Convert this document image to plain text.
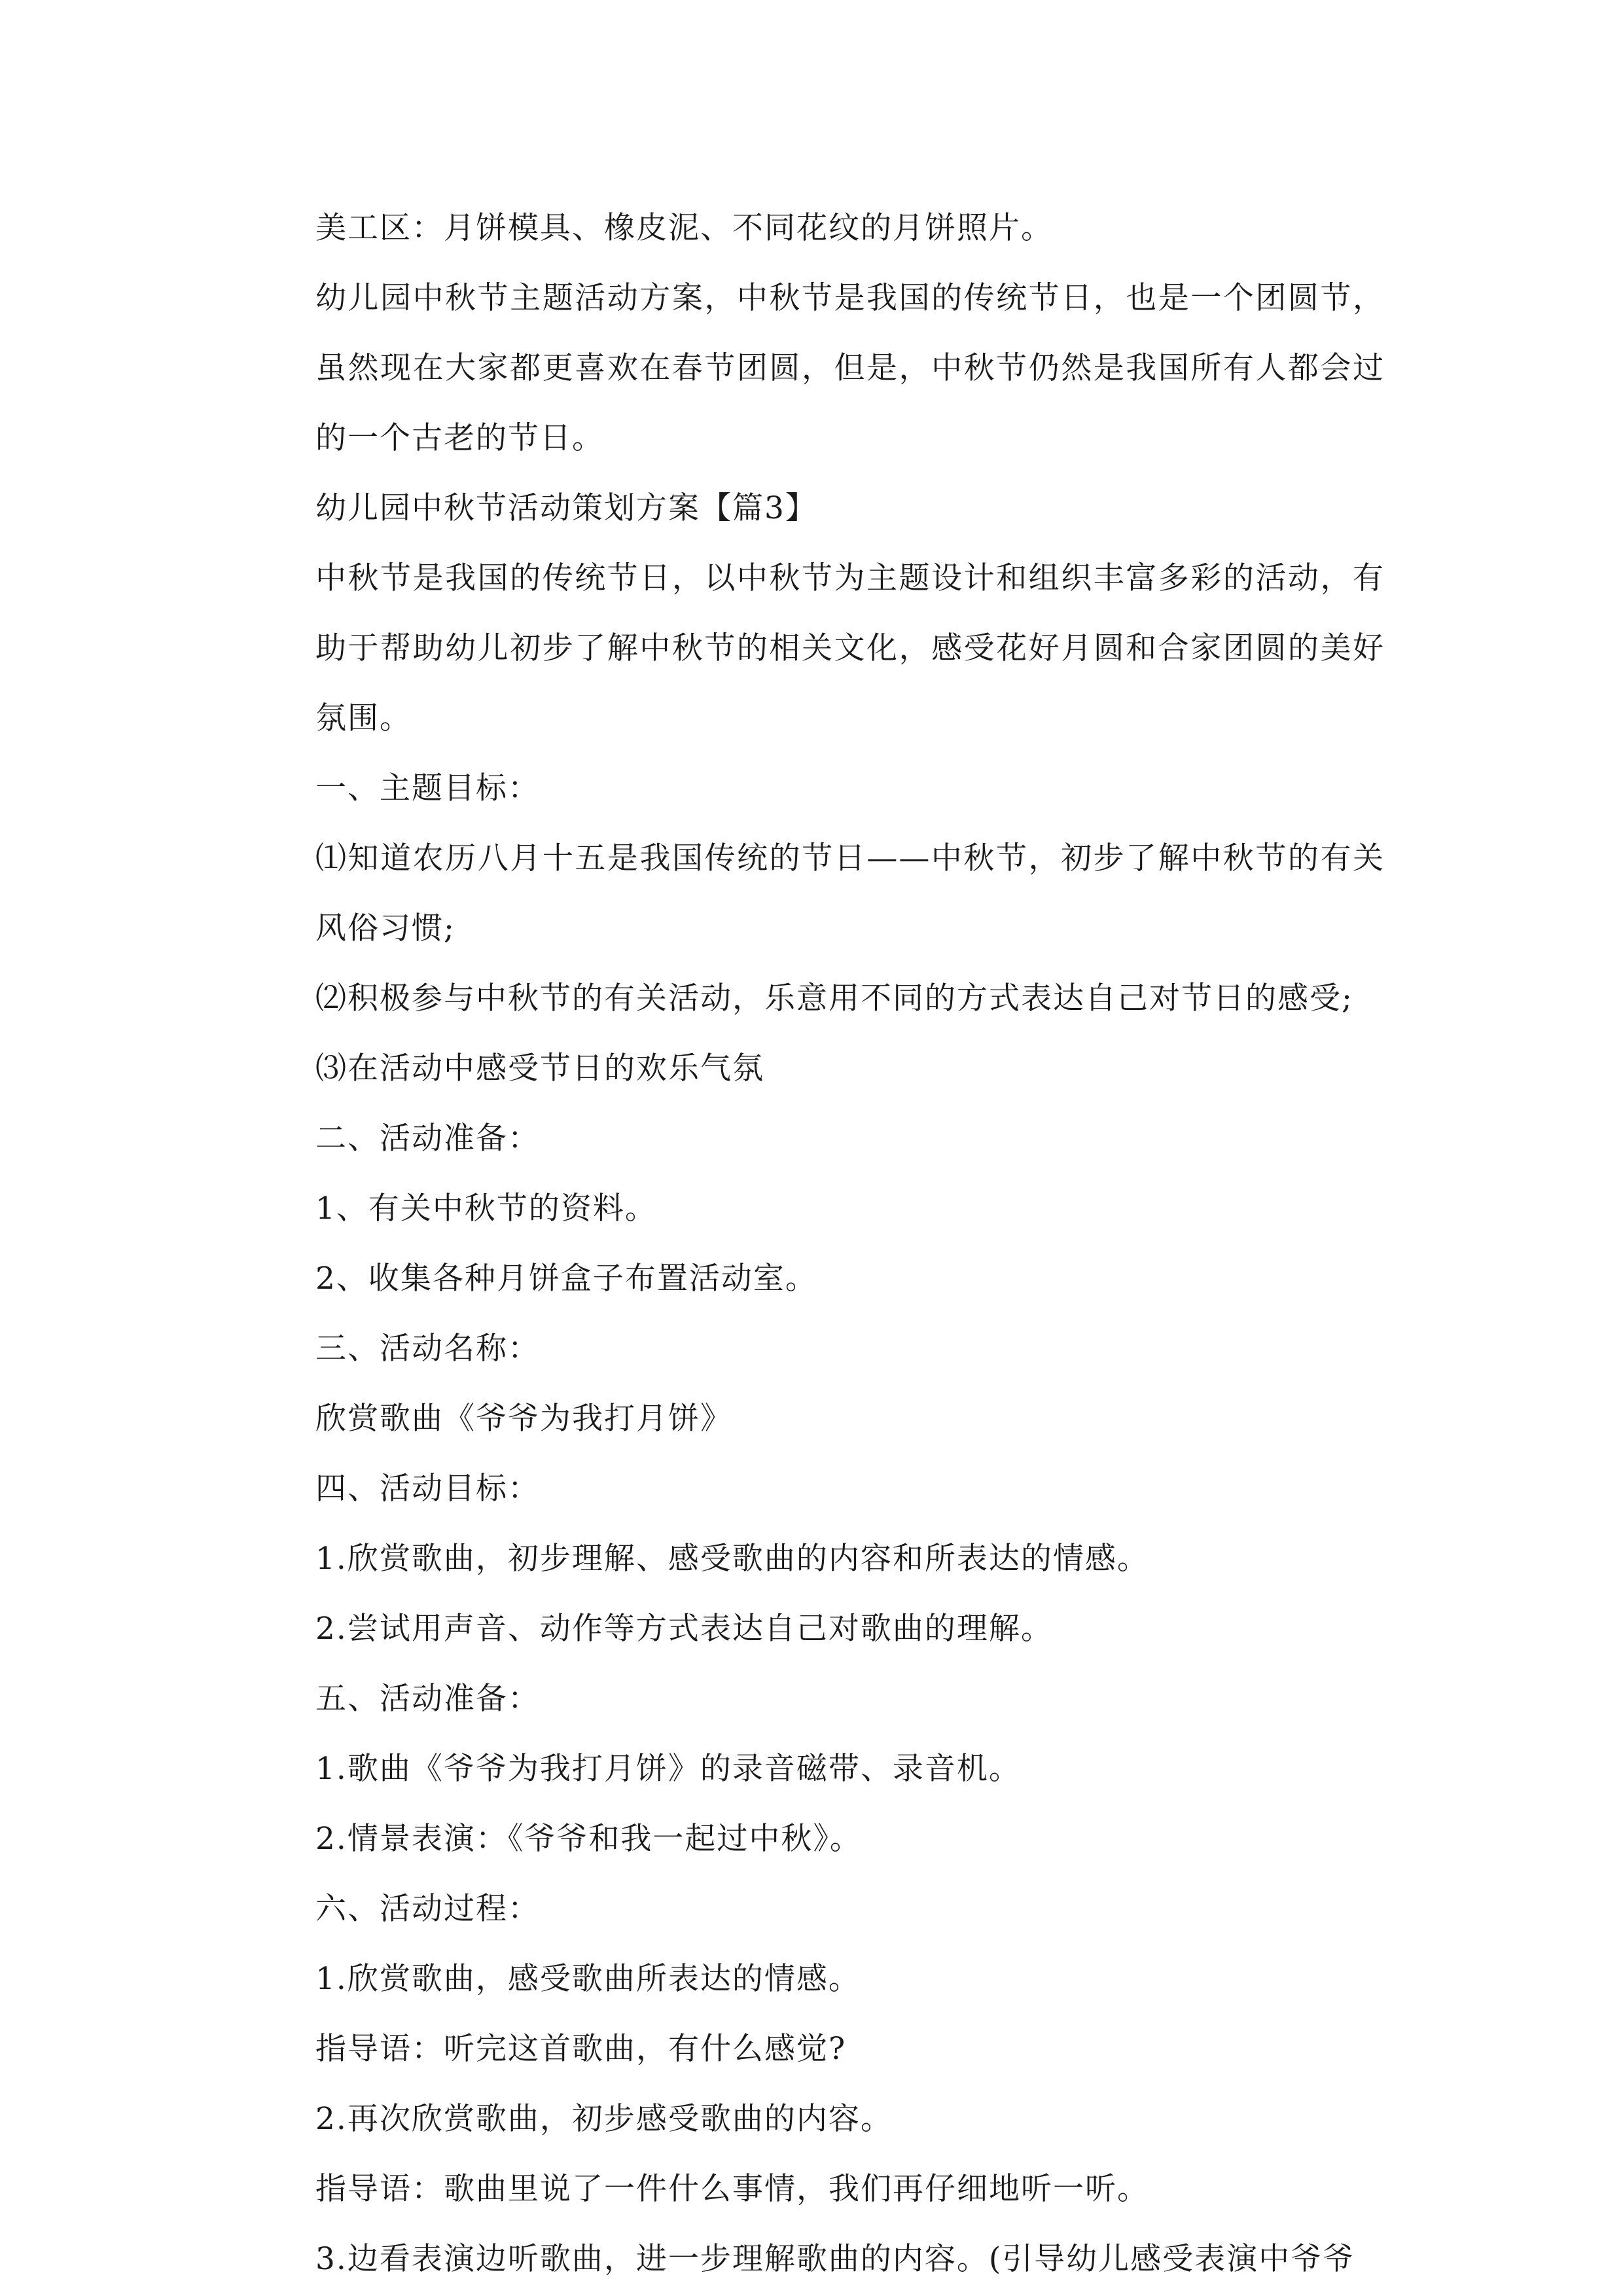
美工区：月饼模具、橡皮泥、不同花纹的月饼照片。

幼儿园中秋节主题活动方案，中秋节是我国的传统节日，也是一个团圆节，虽然现在大家都更喜欢在春节团圆，但是，中秋节仍然是我国所有人都会过的一个古老的节日。

幼儿园中秋节活动策划方案【篇3】

中秋节是我国的传统节日，以中秋节为主题设计和组织丰富多彩的活动，有助于帮助幼儿初步了解中秋节的相关文化，感受花好月圆和合家团圆的美好氛围。

一、主题目标：

⑴知道农历八月十五是我国传统的节日——中秋节，初步了解中秋节的有关风俗习惯;

⑵积极参与中秋节的有关活动，乐意用不同的方式表达自己对节日的感受;

⑶在活动中感受节日的欢乐气氛

二、活动准备：

1、有关中秋节的资料。

2、收集各种月饼盒子布置活动室。

三、活动名称：

欣赏歌曲《爷爷为我打月饼》

四、活动目标：

1.欣赏歌曲，初步理解、感受歌曲的内容和所表达的情感。

2.尝试用声音、动作等方式表达自己对歌曲的理解。

五、活动准备：

1.歌曲《爷爷为我打月饼》的录音磁带、录音机。

2.情景表演：《爷爷和我一起过中秋》。

六、活动过程：

1.欣赏歌曲，感受歌曲所表达的情感。

指导语：听完这首歌曲，有什么感觉?

2.再次欣赏歌曲，初步感受歌曲的内容。

指导语：歌曲里说了一件什么事情，我们再仔细地听一听。

3.边看表演边听歌曲，进一步理解歌曲的内容。(引导幼儿感受表演中爷爷
